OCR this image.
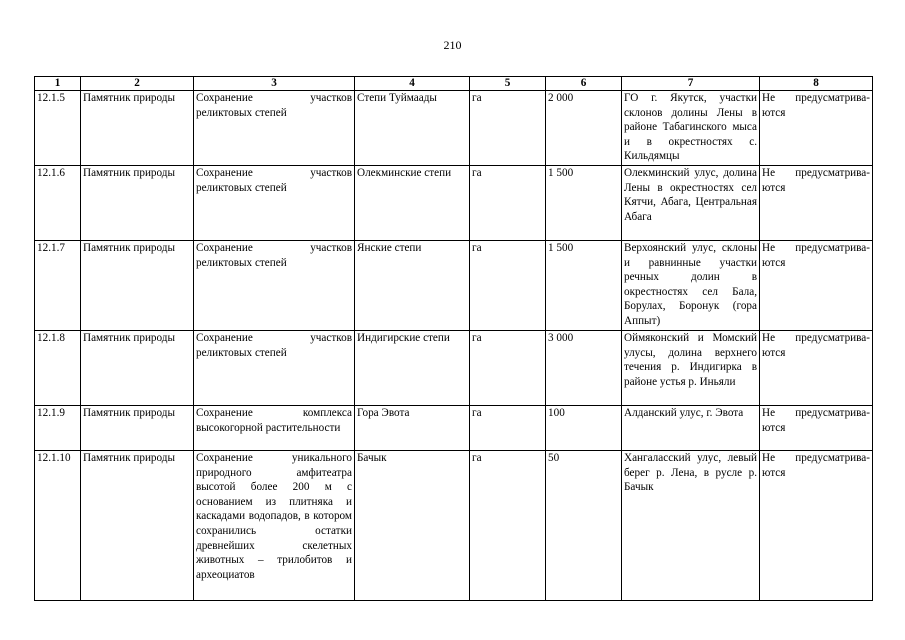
210
1	2	3	4	5	6	7	8
12.1.5	Памятник природы	Сохранение участков реликтовых степей	Степи Туймаады	га	2 000	ГО г. Якутск, участки склонов долины Лены в районе Табагинского мыса и в окрестностях с. Кильдямцы	Не предусматрива-ются
12.1.6	Памятник природы	Сохранение участков реликтовых степей	Олекминские степи	га	1 500	Олекминский улус, долина Лены в окрестностях сел Кятчи, Абага, Центральная Абага	Не предусматрива-ются
12.1.7	Памятник природы	Сохранение участков реликтовых степей	Янские степи	га	1 500	Верхоянский улус, склоны и равнинные участки речных долин в окрестностях сел Бала, Борулах, Боронук (гора Аппыт)	Не предусматрива-ются
12.1.8	Памятник природы	Сохранение участков реликтовых степей	Индигирские степи	га	3 000	Оймяконский и Момский улусы, долина верхнего течения р. Индигирка в районе устья р. Иньяли	Не предусматрива-ются
12.1.9	Памятник природы	Сохранение комплекса высокогорной растительности	Гора Эвота	га	100	Алданский улус, г. Эвота	Не предусматрива-ются
12.1.10	Памятник природы	Сохранение уникального природного амфитеатра высотой более 200 м с основанием из плитняка и каскадами водопадов, в котором сохранились остатки древнейших скелетных животных – трилобитов и археоциатов	Бачык	га	50	Хангаласский улус, левый берег р. Лена, в русле р. Бачык	Не предусматрива-ются
